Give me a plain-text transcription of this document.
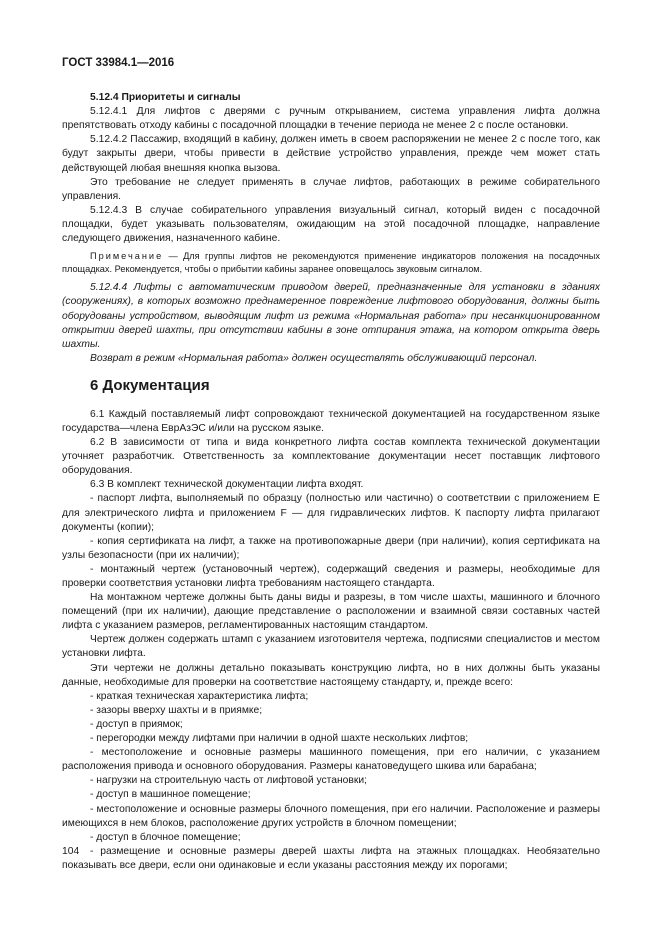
ГОСТ 33984.1—2016

5.12.4 Приоритеты и сигналы

5.12.4.1 Для лифтов с дверями с ручным открыванием, система управления лифта должна препятствовать отходу кабины с посадочной площадки в течение периода не менее 2 с после остановки.

5.12.4.2 Пассажир, входящий в кабину, должен иметь в своем распоряжении не менее 2 с после того, как будут закрыты двери, чтобы привести в действие устройство управления, прежде чем может стать действующей любая внешняя кнопка вызова.

Это требование не следует применять в случае лифтов, работающих в режиме собирательного управления.

5.12.4.3 В случае собирательного управления визуальный сигнал, который виден с посадочной площадки, будет указывать пользователям, ожидающим на этой посадочной площадке, направление следующего движения, назначенного кабине.

Примечание — Для группы лифтов не рекомендуются применение индикаторов положения на посадочных площадках. Рекомендуется, чтобы о прибытии кабины заранее оповещалось звуковым сигналом.

5.12.4.4 Лифты с автоматическим приводом дверей, предназначенные для установки в зданиях (сооружениях), в которых возможно преднамеренное повреждение лифтового оборудования, должны быть оборудованы устройством, выводящим лифт из режима «Нормальная работа» при несанкционированном открытии дверей шахты, при отсутствии кабины в зоне отпирания этажа, на котором открыта дверь шахты.

Возврат в режим «Нормальная работа» должен осуществлять обслуживающий персонал.

6 Документация

6.1 Каждый поставляемый лифт сопровождают технической документацией на государственном языке государства—члена ЕврАзЭС и/или на русском языке.

6.2 В зависимости от типа и вида конкретного лифта состав комплекта технической документации уточняет разработчик. Ответственность за комплектование документации несет поставщик лифтового оборудования.

6.3 В комплект технической документации лифта входят.

- паспорт лифта, выполняемый по образцу (полностью или частично) о соответствии с приложением Е для электрического лифта и приложением F — для гидравлических лифтов. К паспорту лифта прилагают документы (копии);

- копия сертификата на лифт, а также на противопожарные двери (при наличии), копия сертификата на узлы безопасности (при их наличии);

- монтажный чертеж (установочный чертеж), содержащий сведения и размеры, необходимые для проверки соответствия установки лифта требованиям настоящего стандарта.

На монтажном чертеже должны быть даны виды и разрезы, в том числе шахты, машинного и блочного помещений (при их наличии), дающие представление о расположении и взаимной связи составных частей лифта с указанием размеров, регламентированных настоящим стандартом.

Чертеж должен содержать штамп с указанием изготовителя чертежа, подписями специалистов и местом установки лифта.

Эти чертежи не должны детально показывать конструкцию лифта, но в них должны быть указаны данные, необходимые для проверки на соответствие настоящему стандарту, и, прежде всего:

- краткая техническая характеристика лифта;

- зазоры вверху шахты и в приямке;

- доступ в приямок;

- перегородки между лифтами при наличии в одной шахте нескольких лифтов;

- местоположение и основные размеры машинного помещения, при его наличии, с указанием расположения привода и основного оборудования. Размеры канатоведущего шкива или барабана;

- нагрузки на строительную часть от лифтовой установки;

- доступ в машинное помещение;

- местоположение и основные размеры блочного помещения, при его наличии. Расположение и размеры имеющихся в нем блоков, расположение других устройств в блочном помещении;

- доступ в блочное помещение;

- размещение и основные размеры дверей шахты лифта на этажных площадках. Необязательно показывать все двери, если они одинаковые и если указаны расстояния между их порогами;

104
